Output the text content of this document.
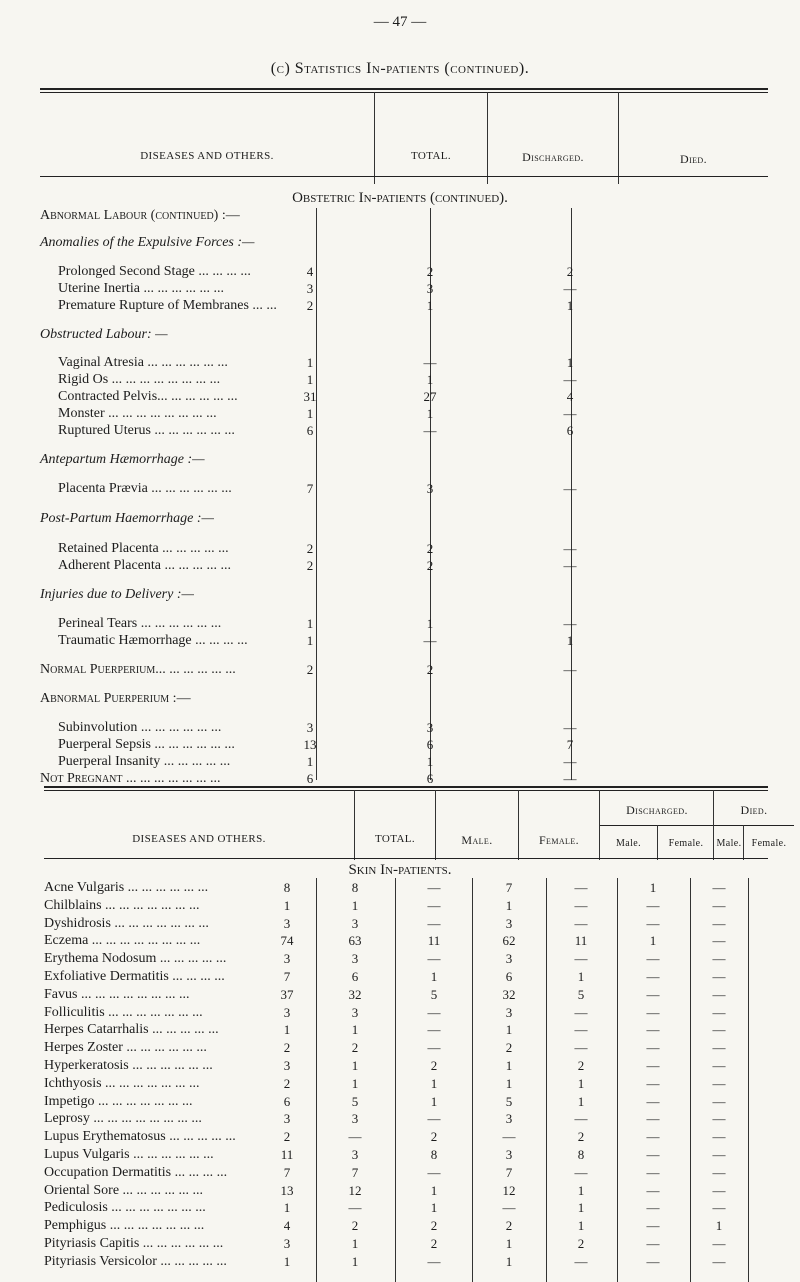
— 47 —
(c) Statistics In-patients (continued).
DISEASES AND OTHERS.	TOTAL.	Discharged.	Died.
Obstetric In-patients (continued).
Abnormal Labour (continued) :—
Anomalies of the Expulsive Forces :—
Prolonged Second Stage ... ... ... ...	4	2	2
Uterine Inertia ... ... ... ... ... ...	3	3	—
Premature Rupture of Membranes ... ...	2	1	1
Obstructed Labour: —
Vaginal Atresia ... ... ... ... ... ...	1	—	1
Rigid Os ... ... ... ... ... ... ... ...	1	1	—
Contracted Pelvis... ... ... ... ... ...	31	27	4
Monster ... ... ... ... ... ... ... ...	1	1	—
Ruptured Uterus ... ... ... ... ... ...	6	—	6
Antepartum Hæmorrhage :—
Placenta Prævia ... ... ... ... ... ...	7	3	—
Post-Partum Haemorrhage :—
Retained Placenta ... ... ... ... ...	2	2	—
Adherent Placenta ... ... ... ... ...	2	2	—
Injuries due to Delivery :—
Perineal Tears ... ... ... ... ... ...	1	1	—
Traumatic Hæmorrhage ... ... ... ...	1	—	1
Normal Puerperium... ... ... ... ... ...	2	2	—
Abnormal Puerperium :—
Subinvolution ... ... ... ... ... ...	3	3	—
Puerperal Sepsis ... ... ... ... ... ...	13	6	7
Puerperal Insanity ... ... ... ... ...	1	1	—
Not Pregnant ... ... ... ... ... ... ...	6	6	—
DISEASES AND OTHERS.	TOTAL.	Male.	Female.
Discharged.	Died.
Male.	Female.	Male.	Female.
Skin In-patients.
Acne Vulgaris ... ... ... ... ... ...	8	8	—	7	—	1	—
Chilblains ... ... ... ... ... ... ...	1	1	—	1	—	—	—
Dyshidrosis ... ... ... ... ... ... ...	3	3	—	3	—	—	—
Eczema ... ... ... ... ... ... ... ...	74	63	11	62	11	1	—
Erythema Nodosum ... ... ... ... ...	3	3	—	3	—	—	—
Exfoliative Dermatitis ... ... ... ...	7	6	1	6	1	—	—
Favus ... ... ... ... ... ... ... ...	37	32	5	32	5	—	—
Folliculitis ... ... ... ... ... ... ...	3	3	—	3	—	—	—
Herpes Catarrhalis ... ... ... ... ...	1	1	—	1	—	—	—
Herpes Zoster ... ... ... ... ... ...	2	2	—	2	—	—	—
Hyperkeratosis ... ... ... ... ... ...	3	1	2	1	2	—	—
Ichthyosis ... ... ... ... ... ... ...	2	1	1	1	1	—	—
Impetigo ... ... ... ... ... ... ...	6	5	1	5	1	—	—
Leprosy ... ... ... ... ... ... ... ...	3	3	—	3	—	—	—
Lupus Erythematosus ... ... ... ... ...	2	—	2	—	2	—	—
Lupus Vulgaris ... ... ... ... ... ...	11	3	8	3	8	—	—
Occupation Dermatitis ... ... ... ...	7	7	—	7	—	—	—
Oriental Sore ... ... ... ... ... ...	13	12	1	12	1	—	—
Pediculosis ... ... ... ... ... ... ...	1	—	1	—	1	—	—
Pemphigus ... ... ... ... ... ... ...	4	2	2	2	1	—	1
Pityriasis Capitis ... ... ... ... ... ...	3	1	2	1	2	—	—
Pityriasis Versicolor ... ... ... ... ...	1	1	—	1	—	—	—
